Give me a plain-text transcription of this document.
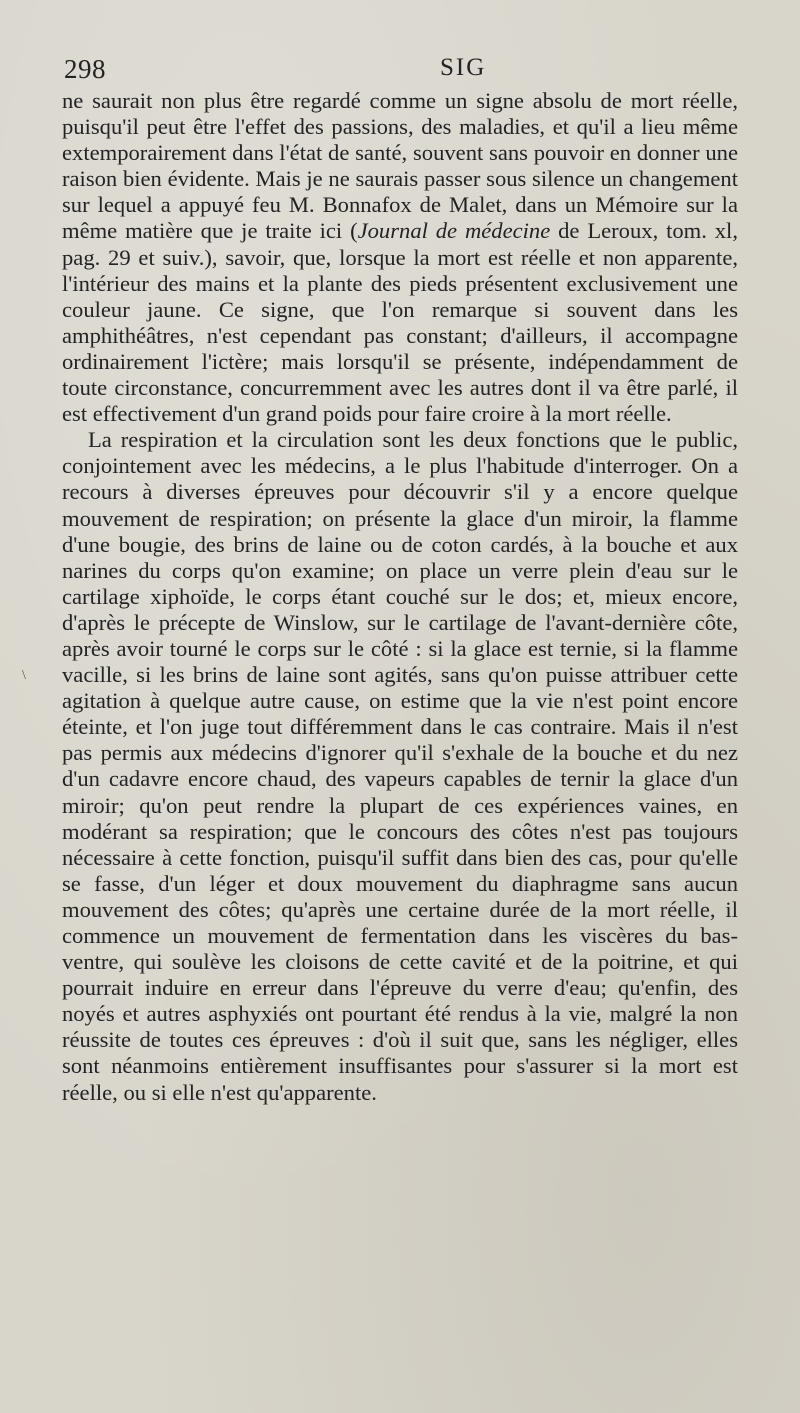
298	SIG
\

ne saurait non plus être regardé comme un signe absolu de mort réelle, puisqu'il peut être l'effet des passions, des maladies, et qu'il a lieu même extemporairement dans l'état de santé, souvent sans pouvoir en donner une raison bien évidente. Mais je ne saurais passer sous silence un changement sur lequel a appuyé feu M. Bonnafox de Malet, dans un Mémoire sur la même matière que je traite ici (Journal de médecine de Leroux, tom. xl, pag. 29 et suiv.), savoir, que, lorsque la mort est réelle et non apparente, l'intérieur des mains et la plante des pieds présentent exclusivement une couleur jaune. Ce signe, que l'on remarque si souvent dans les amphithéâtres, n'est cependant pas constant; d'ailleurs, il accompagne ordinairement l'ictère; mais lorsqu'il se présente, indépendamment de toute circonstance, concurremment avec les autres dont il va être parlé, il est effectivement d'un grand poids pour faire croire à la mort réelle.

La respiration et la circulation sont les deux fonctions que le public, conjointement avec les médecins, a le plus l'habitude d'interroger. On a recours à diverses épreuves pour découvrir s'il y a encore quelque mouvement de respiration; on présente la glace d'un miroir, la flamme d'une bougie, des brins de laine ou de coton cardés, à la bouche et aux narines du corps qu'on examine; on place un verre plein d'eau sur le cartilage xiphoïde, le corps étant couché sur le dos; et, mieux encore, d'après le précepte de Winslow, sur le cartilage de l'avant-dernière côte, après avoir tourné le corps sur le côté : si la glace est ternie, si la flamme vacille, si les brins de laine sont agités, sans qu'on puisse attribuer cette agitation à quelque autre cause, on estime que la vie n'est point encore éteinte, et l'on juge tout différemment dans le cas contraire. Mais il n'est pas permis aux médecins d'ignorer qu'il s'exhale de la bouche et du nez d'un cadavre encore chaud, des vapeurs capables de ternir la glace d'un miroir; qu'on peut rendre la plupart de ces expériences vaines, en modérant sa respiration; que le concours des côtes n'est pas toujours nécessaire à cette fonction, puisqu'il suffit dans bien des cas, pour qu'elle se fasse, d'un léger et doux mouvement du diaphragme sans aucun mouvement des côtes; qu'après une certaine durée de la mort réelle, il commence un mouvement de fermentation dans les viscères du bas-ventre, qui soulève les cloisons de cette cavité et de la poitrine, et qui pourrait induire en erreur dans l'épreuve du verre d'eau; qu'enfin, des noyés et autres asphyxiés ont pourtant été rendus à la vie, malgré la non réussite de toutes ces épreuves : d'où il suit que, sans les négliger, elles sont néanmoins entièrement insuffisantes pour s'assurer si la mort est réelle, ou si elle n'est qu'apparente.
